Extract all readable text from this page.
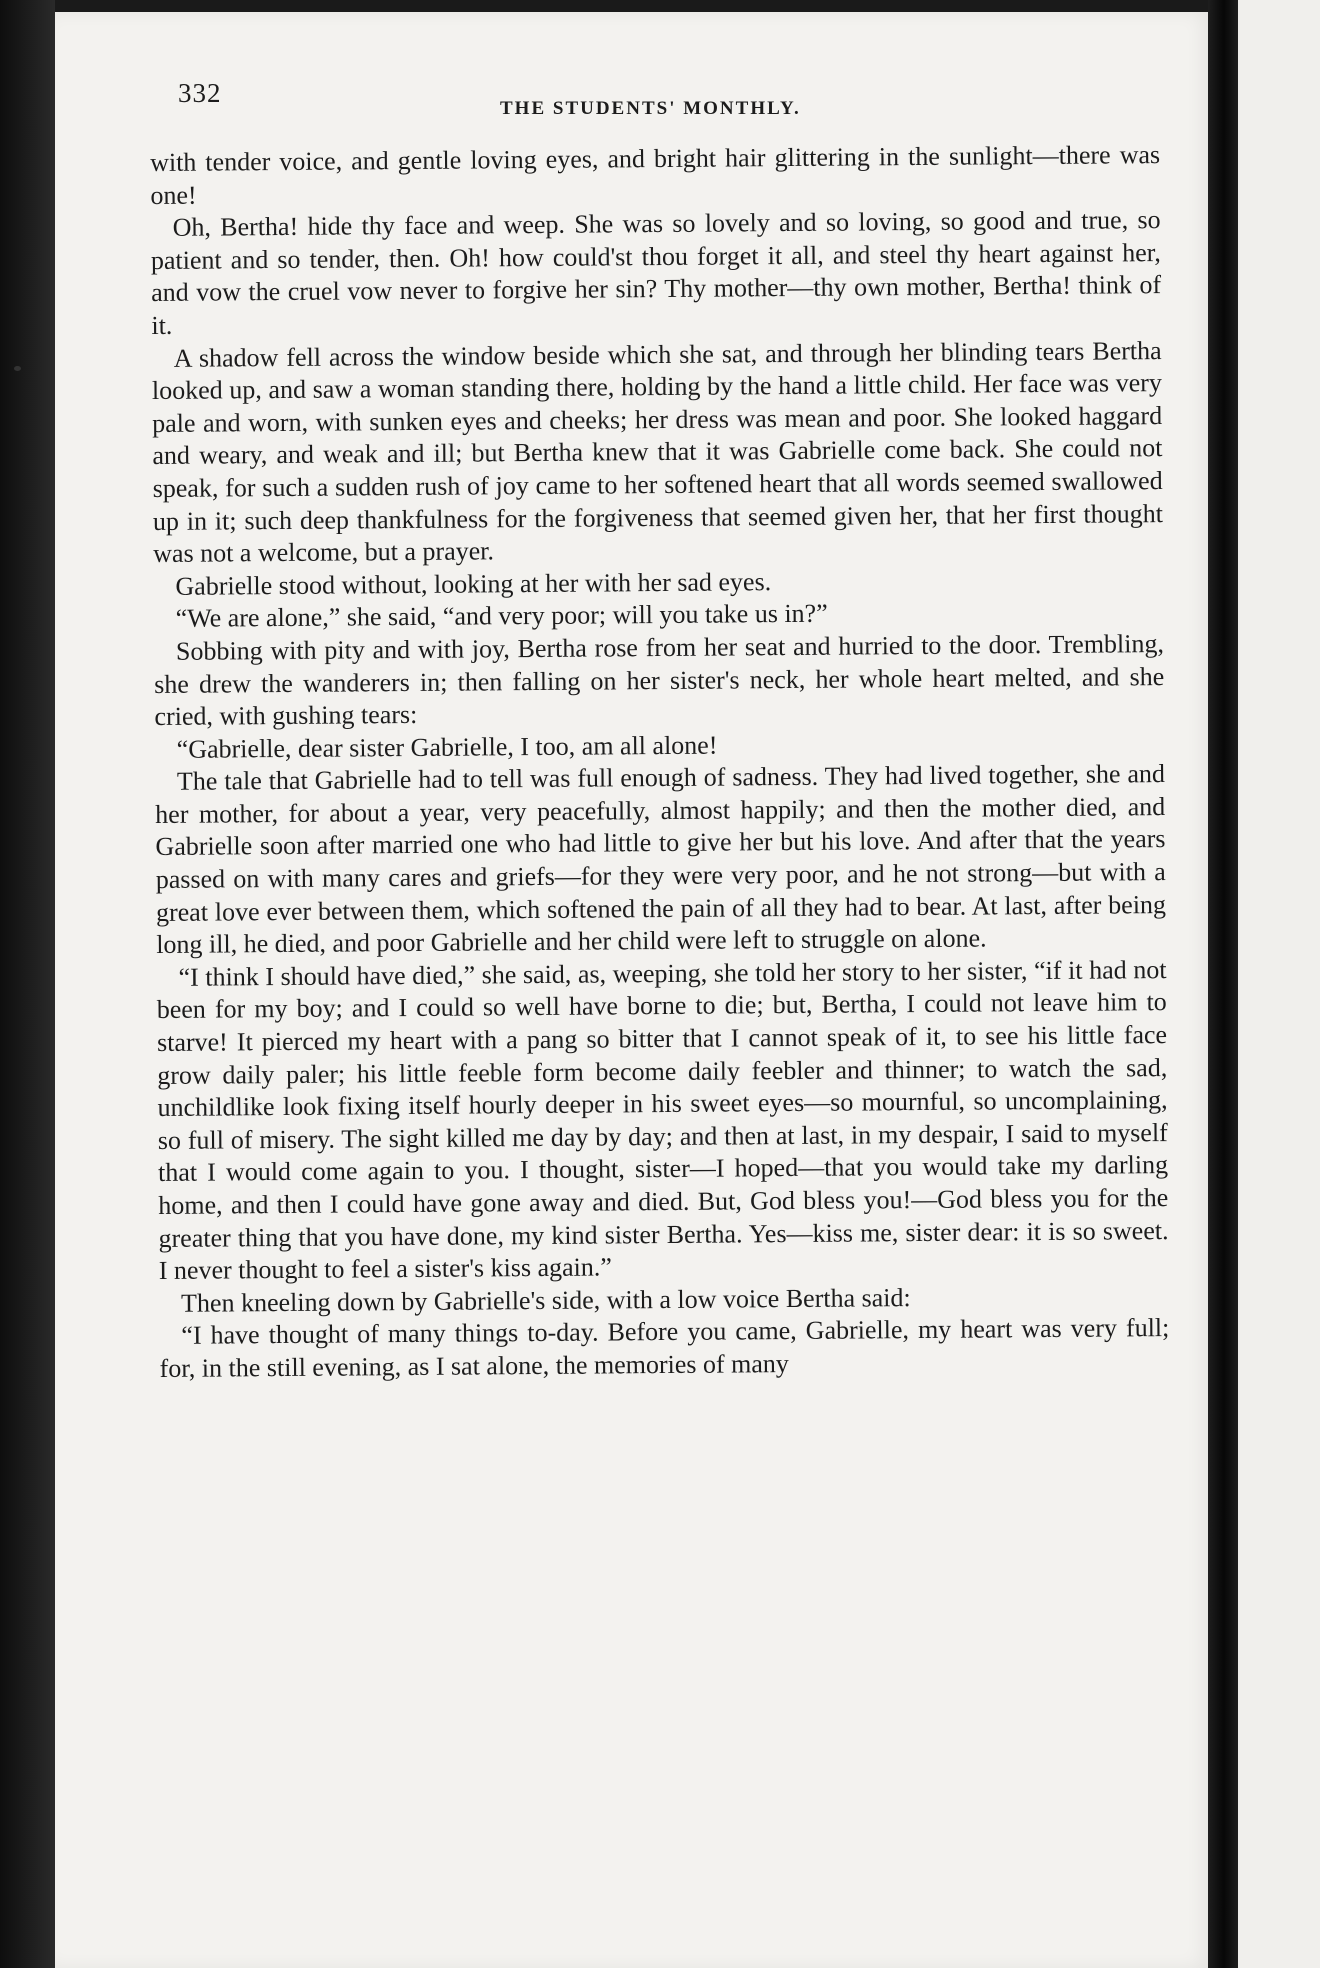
332
THE STUDENTS' MONTHLY.

with tender voice, and gentle loving eyes, and bright hair glittering in the sunlight—there was one!

Oh, Bertha! hide thy face and weep. She was so lovely and so loving, so good and true, so patient and so tender, then. Oh! how could'st thou forget it all, and steel thy heart against her, and vow the cruel vow never to forgive her sin? Thy mother—thy own mother, Bertha! think of it.

A shadow fell across the window beside which she sat, and through her blinding tears Bertha looked up, and saw a woman standing there, holding by the hand a little child. Her face was very pale and worn, with sunken eyes and cheeks; her dress was mean and poor. She looked haggard and weary, and weak and ill; but Bertha knew that it was Gabrielle come back. She could not speak, for such a sudden rush of joy came to her softened heart that all words seemed swallowed up in it; such deep thankfulness for the forgiveness that seemed given her, that her first thought was not a welcome, but a prayer.

Gabrielle stood without, looking at her with her sad eyes.

“We are alone,” she said, “and very poor; will you take us in?”

Sobbing with pity and with joy, Bertha rose from her seat and hurried to the door. Trembling, she drew the wanderers in; then falling on her sister's neck, her whole heart melted, and she cried, with gushing tears:

“Gabrielle, dear sister Gabrielle, I too, am all alone!

The tale that Gabrielle had to tell was full enough of sadness. They had lived together, she and her mother, for about a year, very peacefully, almost happily; and then the mother died, and Gabrielle soon after married one who had little to give her but his love. And after that the years passed on with many cares and griefs—for they were very poor, and he not strong—but with a great love ever between them, which softened the pain of all they had to bear. At last, after being long ill, he died, and poor Gabrielle and her child were left to struggle on alone.

“I think I should have died,” she said, as, weeping, she told her story to her sister, “if it had not been for my boy; and I could so well have borne to die; but, Bertha, I could not leave him to starve! It pierced my heart with a pang so bitter that I cannot speak of it, to see his little face grow daily paler; his little feeble form become daily feebler and thinner; to watch the sad, unchildlike look fixing itself hourly deeper in his sweet eyes—so mournful, so uncomplaining, so full of misery. The sight killed me day by day; and then at last, in my despair, I said to myself that I would come again to you. I thought, sister—I hoped—that you would take my darling home, and then I could have gone away and died. But, God bless you!—God bless you for the greater thing that you have done, my kind sister Bertha. Yes—kiss me, sister dear: it is so sweet. I never thought to feel a sister's kiss again.”

Then kneeling down by Gabrielle's side, with a low voice Bertha said:

“I have thought of many things to-day. Before you came, Gabrielle, my heart was very full; for, in the still evening, as I sat alone, the memories of many
